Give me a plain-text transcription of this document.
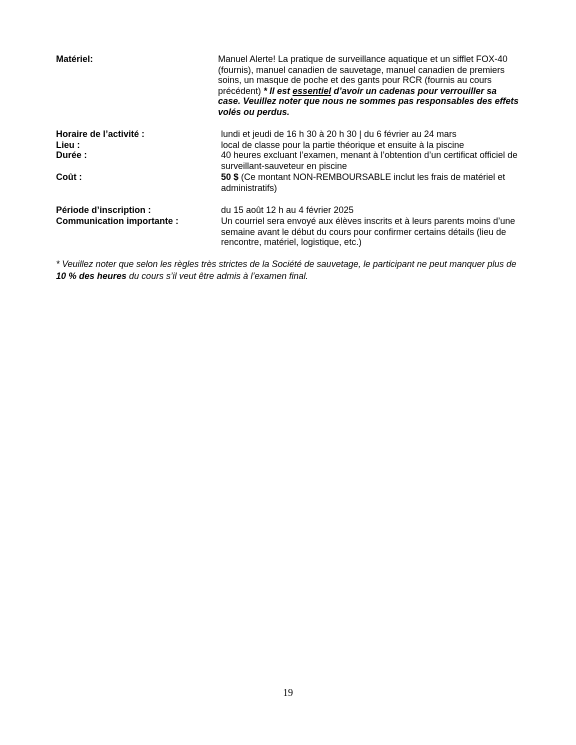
Matériel:	Manuel Alerte! La pratique de surveillance aquatique et un sifflet FOX-40 (fournis), manuel canadien de sauvetage, manuel canadien de premiers soins, un masque de poche et des gants pour RCR (fournis au cours précédent) * Il est essentiel d’avoir un cadenas pour verrouiller sa case. Veuillez noter que nous ne sommes pas responsables des effets volés ou perdus.
Horaire de l’activité :	lundi et jeudi de 16 h 30 à 20 h 30 | du 6 février au 24 mars
Lieu :	local de classe pour la partie théorique et ensuite à la piscine
Durée :	40 heures excluant l’examen, menant à l’obtention d’un certificat officiel de surveillant-sauveteur en piscine
Coût :	50 $ (Ce montant NON-REMBOURSABLE inclut les frais de matériel et administratifs)
Période d’inscription :	du 15 août 12 h au 4 février 2025
Communication importante :	Un courriel sera envoyé aux élèves inscrits et à leurs parents moins d’une semaine avant le début du cours pour confirmer certains détails (lieu de rencontre, matériel, logistique, etc.)
* Veuillez noter que selon les règles très strictes de la Société de sauvetage, le participant ne peut manquer plus de 10 % des heures du cours s’il veut être admis à l’examen final.
19
